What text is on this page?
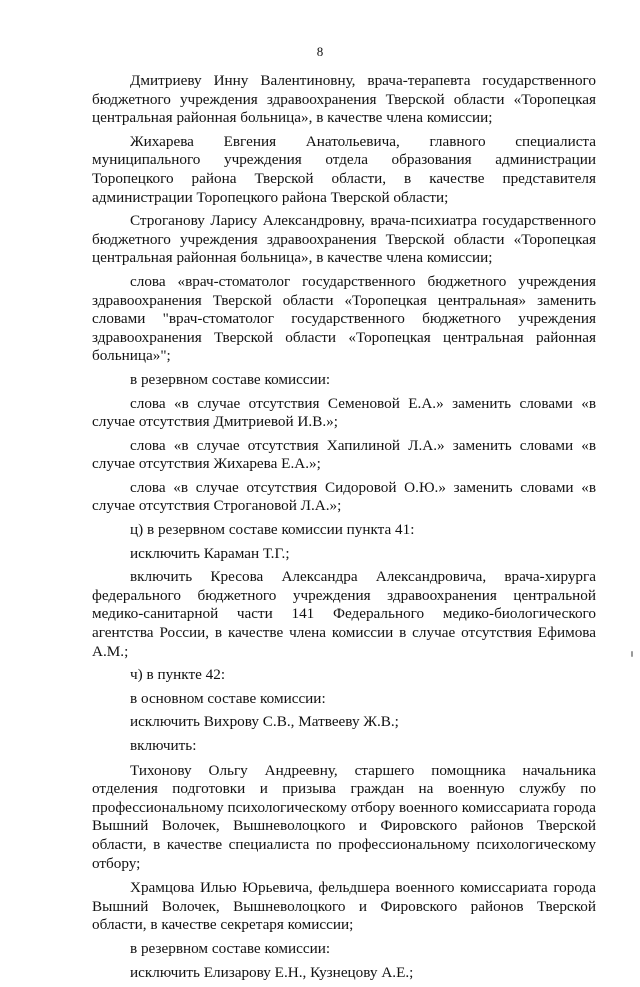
8

Дмитриеву Инну Валентиновну, врача-терапевта государственного бюджетного учреждения здравоохранения Тверской области «Торопецкая центральная районная больница», в качестве члена комиссии;

Жихарева Евгения Анатольевича, главного специалиста муниципального учреждения отдела образования администрации Торопецкого района Тверской области, в качестве представителя администрации Торопецкого района Тверской области;

Строганову Ларису Александровну, врача-психиатра государственного бюджетного учреждения здравоохранения Тверской области «Торопецкая центральная районная больница», в качестве члена комиссии;

слова «врач-стоматолог государственного бюджетного учреждения здравоохранения Тверской области «Торопецкая центральная» заменить словами "врач-стоматолог государственного бюджетного учреждения здравоохранения Тверской области «Торопецкая центральная районная больница»";

в резервном составе комиссии:

слова «в случае отсутствия Семеновой Е.А.» заменить словами «в случае отсутствия Дмитриевой И.В.»;

слова «в случае отсутствия Хапилиной Л.А.» заменить словами «в случае отсутствия Жихарева Е.А.»;

слова «в случае отсутствия Сидоровой О.Ю.» заменить словами «в случае отсутствия Строгановой Л.А.»;

ц) в резервном составе комиссии пункта 41:

исключить Караман Т.Г.;

включить Кресова Александра Александровича, врача-хирурга федерального бюджетного учреждения здравоохранения центральной медико-санитарной части 141 Федерального медико-биологического агентства России, в качестве члена комиссии в случае отсутствия Ефимова А.М.;

ч) в пункте 42:

в основном составе комиссии:

исключить Вихрову С.В., Матвееву Ж.В.;

включить:

Тихонову Ольгу Андреевну, старшего помощника начальника отделения подготовки и призыва граждан на военную службу по профессиональному психологическому отбору военного комиссариата города Вышний Волочек, Вышневолоцкого и Фировского районов Тверской области, в качестве специалиста по профессиональному психологическому отбору;

Храмцова Илью Юрьевича, фельдшера военного комиссариата города Вышний Волочек, Вышневолоцкого и Фировского районов Тверской области, в качестве секретаря комиссии;

в резервном составе комиссии:

исключить Елизарову Е.Н., Кузнецову А.Е.;
